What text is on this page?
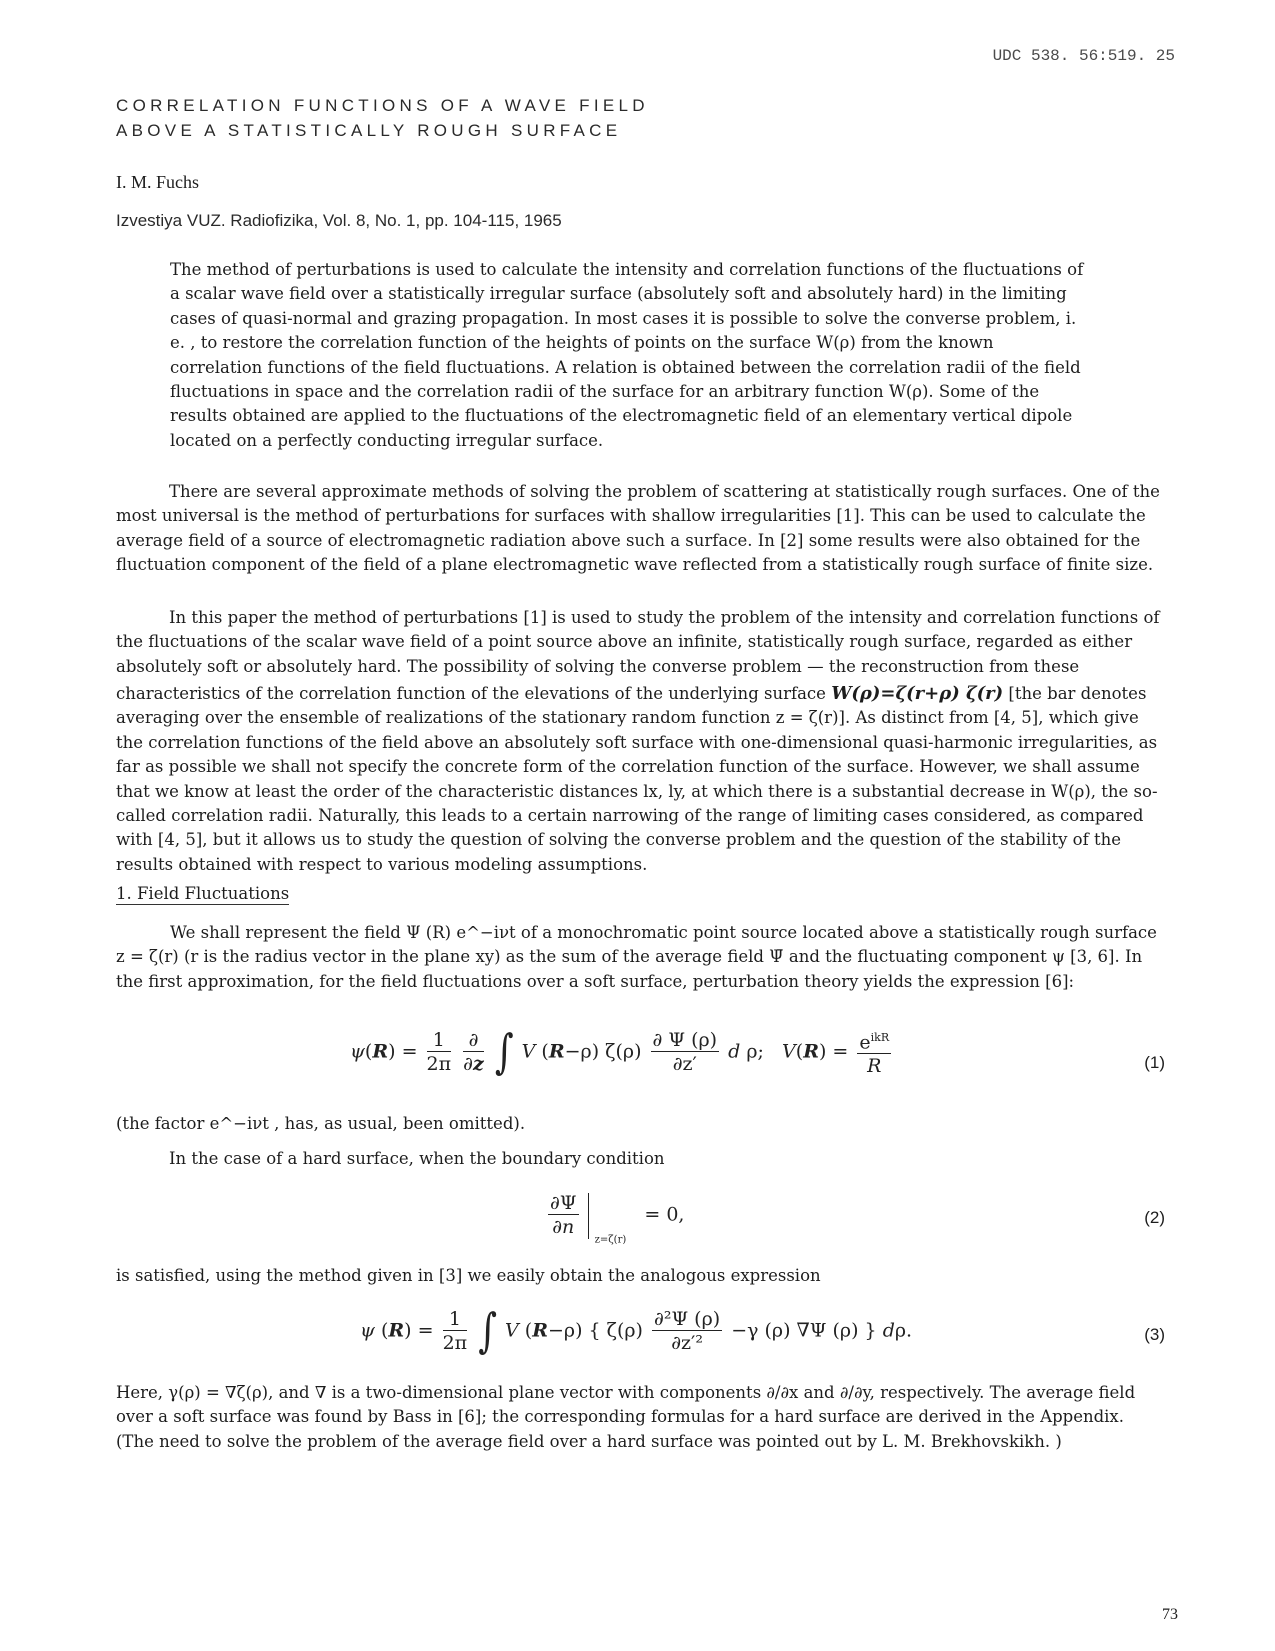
UDC 538. 56:519. 25
CORRELATION FUNCTIONS OF A WAVE FIELD
ABOVE A STATISTICALLY ROUGH SURFACE
I. M. Fuchs
Izvestiya VUZ. Radiofizika, Vol. 8, No. 1, pp. 104-115, 1965
The method of perturbations is used to calculate the intensity and correlation functions of the fluctuations of a scalar wave field over a statistically irregular surface (absolutely soft and absolutely hard) in the limiting cases of quasi-normal and grazing propagation. In most cases it is possible to solve the converse problem, i. e. , to restore the correlation function of the heights of points on the surface W(ρ) from the known correlation functions of the field fluctuations. A relation is obtained between the correlation radii of the field fluctuations in space and the correlation radii of the surface for an arbitrary function W(ρ). Some of the results obtained are applied to the fluctuations of the electromagnetic field of an elementary vertical dipole located on a perfectly conducting irregular surface.

There are several approximate methods of solving the problem of scattering at statistically rough surfaces. One of the most universal is the method of perturbations for surfaces with shallow irregularities [1]. This can be used to calculate the average field of a source of electromagnetic radiation above such a surface. In [2] some results were also obtained for the fluctuation component of the field of a plane electromagnetic wave reflected from a statistically rough surface of finite size.

In this paper the method of perturbations [1] is used to study the problem of the intensity and correlation functions of the fluctuations of the scalar wave field of a point source above an infinite, statistically rough surface, regarded as either absolutely soft or absolutely hard. The possibility of solving the converse problem — the reconstruction from these

characteristics of the correlation function of the elevations of the underlying surface W(ρ)=ζ(r+ρ) ζ(r) [the bar denotes averaging over the ensemble of realizations of the stationary random function z = ζ(r)]. As distinct from [4, 5], which give the correlation functions of the field above an absolutely soft surface with one-dimensional quasi-harmonic irregularities, as far as possible we shall not specify the concrete form of the correlation function of the surface. However, we shall assume that we know at least the order of the characteristic distances lx, ly, at which there is a substantial decrease in W(ρ), the so-called correlation radii. Naturally, this leads to a certain narrowing of the range of limiting cases considered, as compared with [4, 5], but it allows us to study the question of solving the converse problem and the question of the stability of the results obtained with respect to various modeling assumptions.

1. Field Fluctuations

We shall represent the field Ψ (R) e^−iνt of a monochromatic point source located above a statistically rough surface z = ζ(r) (r is the radius vector in the plane xy) as the sum of the average field Ψ̄ and the fluctuating component ψ [3, 6]. In the first approximation, for the field fluctuations over a soft surface, perturbation theory yields the expression [6]:

$\psi(R) = \frac{1}{2\pi}$
$\frac{\partial}{\partial z}$ ∫ V (R−ρ) $\zeta(\rho) \frac{\partial \Psi (\rho)}{\partial z'}$ d ρ;   $V(R) = \frac{e^{ikR}}{R}$	(1)

(the factor e^−iνt , has, as usual, been omitted).

In the case of a hard surface, when the boundary condition

$\frac{\partial\Psi}{\partial n}$
$_{z=\zeta(r)}$   = 0,	(2)

is satisfied, using the method given in [3] we easily obtain the analogous expression

ψ $(R) = \frac{1}{2\pi}$ ∫ V (R−ρ) { $\zeta(\rho) \frac{\text{∂²Ψ (ρ)}}{\text{∂z′²}} -\gamma$ (ρ) ∇Ψ (ρ) } dρ.	(3)

Here, γ(ρ) = ∇ζ(ρ), and ∇ is a two-dimensional plane vector with components ∂/∂x and ∂/∂y, respectively. The average field over a soft surface was found by Bass in [6]; the corresponding formulas for a hard surface are derived in the Appendix. (The need to solve the problem of the average field over a hard surface was pointed out by L. M. Brekhovskikh. )

73
